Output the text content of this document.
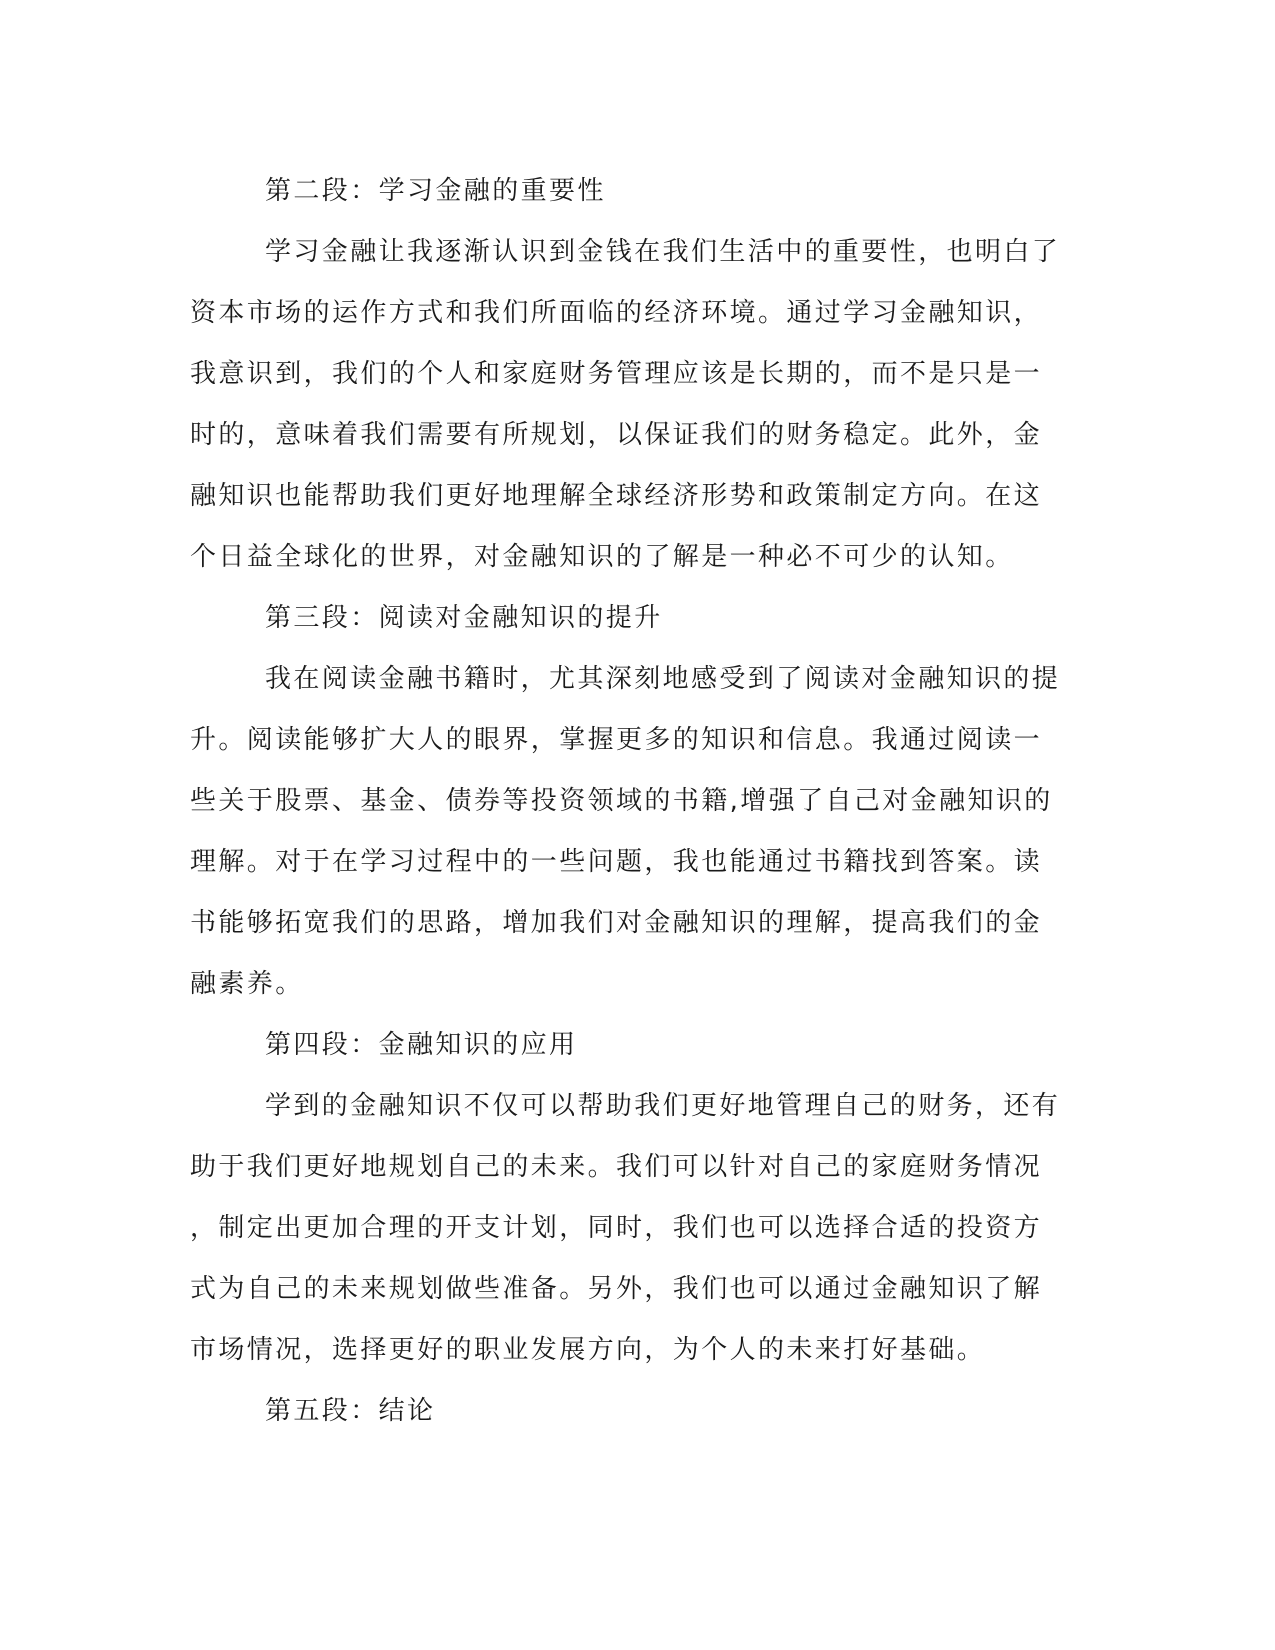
第二段：学习金融的重要性
学习金融让我逐渐认识到金钱在我们生活中的重要性，也明白了
资本市场的运作方式和我们所面临的经济环境。通过学习金融知识，
我意识到，我们的个人和家庭财务管理应该是长期的，而不是只是一
时的，意味着我们需要有所规划，以保证我们的财务稳定。此外，金
融知识也能帮助我们更好地理解全球经济形势和政策制定方向。在这
个日益全球化的世界，对金融知识的了解是一种必不可少的认知。
第三段：阅读对金融知识的提升
我在阅读金融书籍时，尤其深刻地感受到了阅读对金融知识的提
升。阅读能够扩大人的眼界，掌握更多的知识和信息。我通过阅读一
些关于股票、基金、债券等投资领域的书籍,增强了自己对金融知识的
理解。对于在学习过程中的一些问题，我也能通过书籍找到答案。读
书能够拓宽我们的思路，增加我们对金融知识的理解，提高我们的金
融素养。
第四段：金融知识的应用
学到的金融知识不仅可以帮助我们更好地管理自己的财务，还有
助于我们更好地规划自己的未来。我们可以针对自己的家庭财务情况
，制定出更加合理的开支计划，同时，我们也可以选择合适的投资方
式为自己的未来规划做些准备。另外，我们也可以通过金融知识了解
市场情况，选择更好的职业发展方向，为个人的未来打好基础。
第五段：结论
